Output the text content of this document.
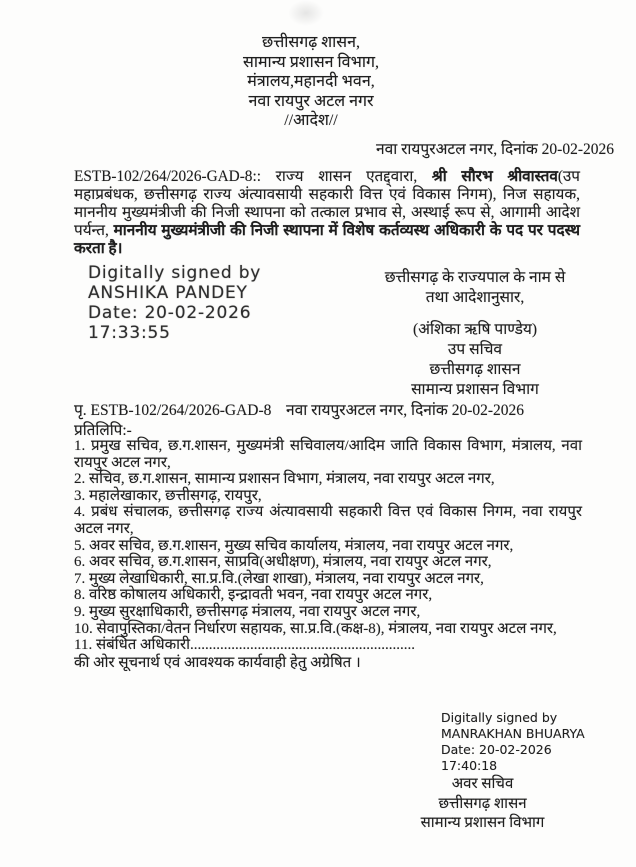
छत्तीसगढ़ शासन,
सामान्य प्रशासन विभाग,
मंत्रालय,महानदी भवन,
नवा रायपुर अटल नगर
//आदेश//
नवा रायपुरअटल नगर, दिनांक 20-02-2026
ESTB-102/264/2026-GAD-8:: राज्य शासन एतद्द्वारा, श्री सौरभ श्रीवास्तव(उप महाप्रबंधक, छत्तीसगढ़ राज्य अंत्यावसायी सहकारी वित्त एवं विकास निगम), निज सहायक, माननीय मुख्यमंत्रीजी की निजी स्थापना को तत्काल प्रभाव से, अस्थाई रूप से, आगामी आदेश पर्यन्त, माननीय मुख्यमंत्रीजी की निजी स्थापना में विशेष कर्तव्यस्थ अधिकारी के पद पर पदस्थ करता है।
Digitally signed by
ANSHIKA PANDEY
Date: 20-02-2026
17:33:55
छत्तीसगढ़ के राज्यपाल के नाम से
तथा आदेशानुसार,
(अंशिका ऋषि पाण्डेय)
उप सचिव
छत्तीसगढ़ शासन
सामान्य प्रशासन विभाग
पृ. ESTB-102/264/2026-GAD-8 नवा रायपुरअटल नगर, दिनांक 20-02-2026
प्रतिलिपि:-
1. प्रमुख सचिव, छ.ग.शासन, मुख्यमंत्री सचिवालय/आदिम जाति विकास विभाग, मंत्रालय, नवा रायपुर अटल नगर,
2. सचिव, छ.ग.शासन, सामान्य प्रशासन विभाग, मंत्रालय, नवा रायपुर अटल नगर,
3. महालेखाकार, छत्तीसगढ़, रायपुर,
4. प्रबंध संचालक, छत्तीसगढ़ राज्य अंत्यावसायी सहकारी वित्त एवं विकास निगम, नवा रायपुर अटल नगर,
5. अवर सचिव, छ.ग.शासन, मुख्य सचिव कार्यालय, मंत्रालय, नवा रायपुर अटल नगर,
6. अवर सचिव, छ.ग.शासन, साप्रवि(अधीक्षण), मंत्रालय, नवा रायपुर अटल नगर,
7. मुख्य लेखाधिकारी, सा.प्र.वि.(लेखा शाखा), मंत्रालय, नवा रायपुर अटल नगर,
8. वरिष्ठ कोषालय अधिकारी, इन्द्रावती भवन, नवा रायपुर अटल नगर,
9. मुख्य सुरक्षाधिकारी, छत्तीसगढ़ मंत्रालय, नवा रायपुर अटल नगर,
10. सेवापुस्तिका/वेतन निर्धारण सहायक, सा.प्र.वि.(कक्ष-8), मंत्रालय, नवा रायपुर अटल नगर,
11. संबंधित अधिकारी............................................................
की ओर सूचनार्थ एवं आवश्यक कार्यवाही हेतु अग्रेषित ।
Digitally signed by
MANRAKHAN BHUARYA
Date: 20-02-2026
17:40:18
अवर सचिव
छत्तीसगढ़ शासन
सामान्य प्रशासन विभाग
